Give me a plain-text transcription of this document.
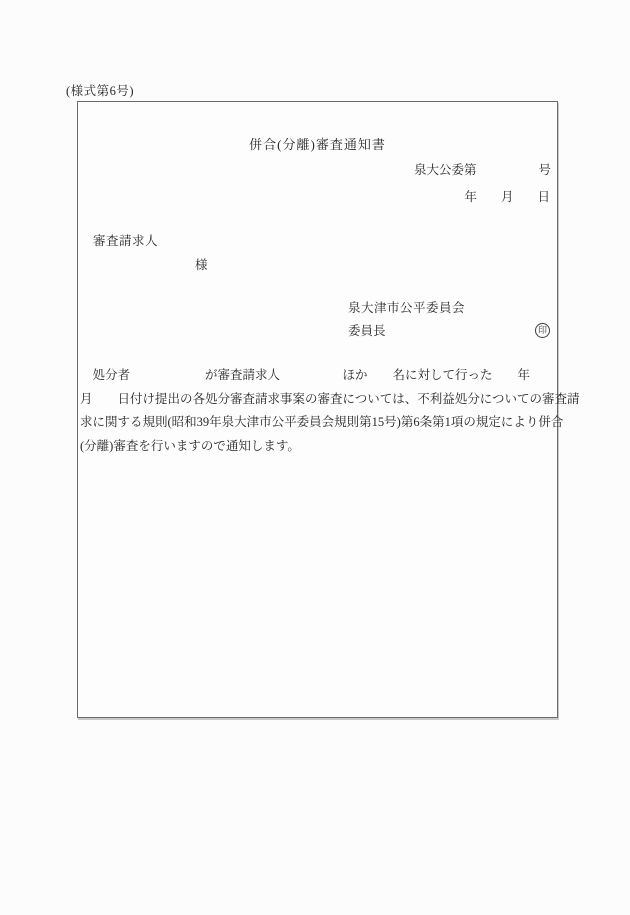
(様式第6号)
併合(分離)審査通知書
泉大公委第	号
年 月 日
審査請求人
様
泉大津市公平委員会
委員長	印
　処分者　　　　　　が審査請求人　　　　　ほか　　名に対して行った　　年
月　　日付け提出の各処分審査請求事案の審査については、不利益処分についての審査請
求に関する規則(昭和39年泉大津市公平委員会規則第15号)第6条第1項の規定により併合
(分離)審査を行いますので通知します。
